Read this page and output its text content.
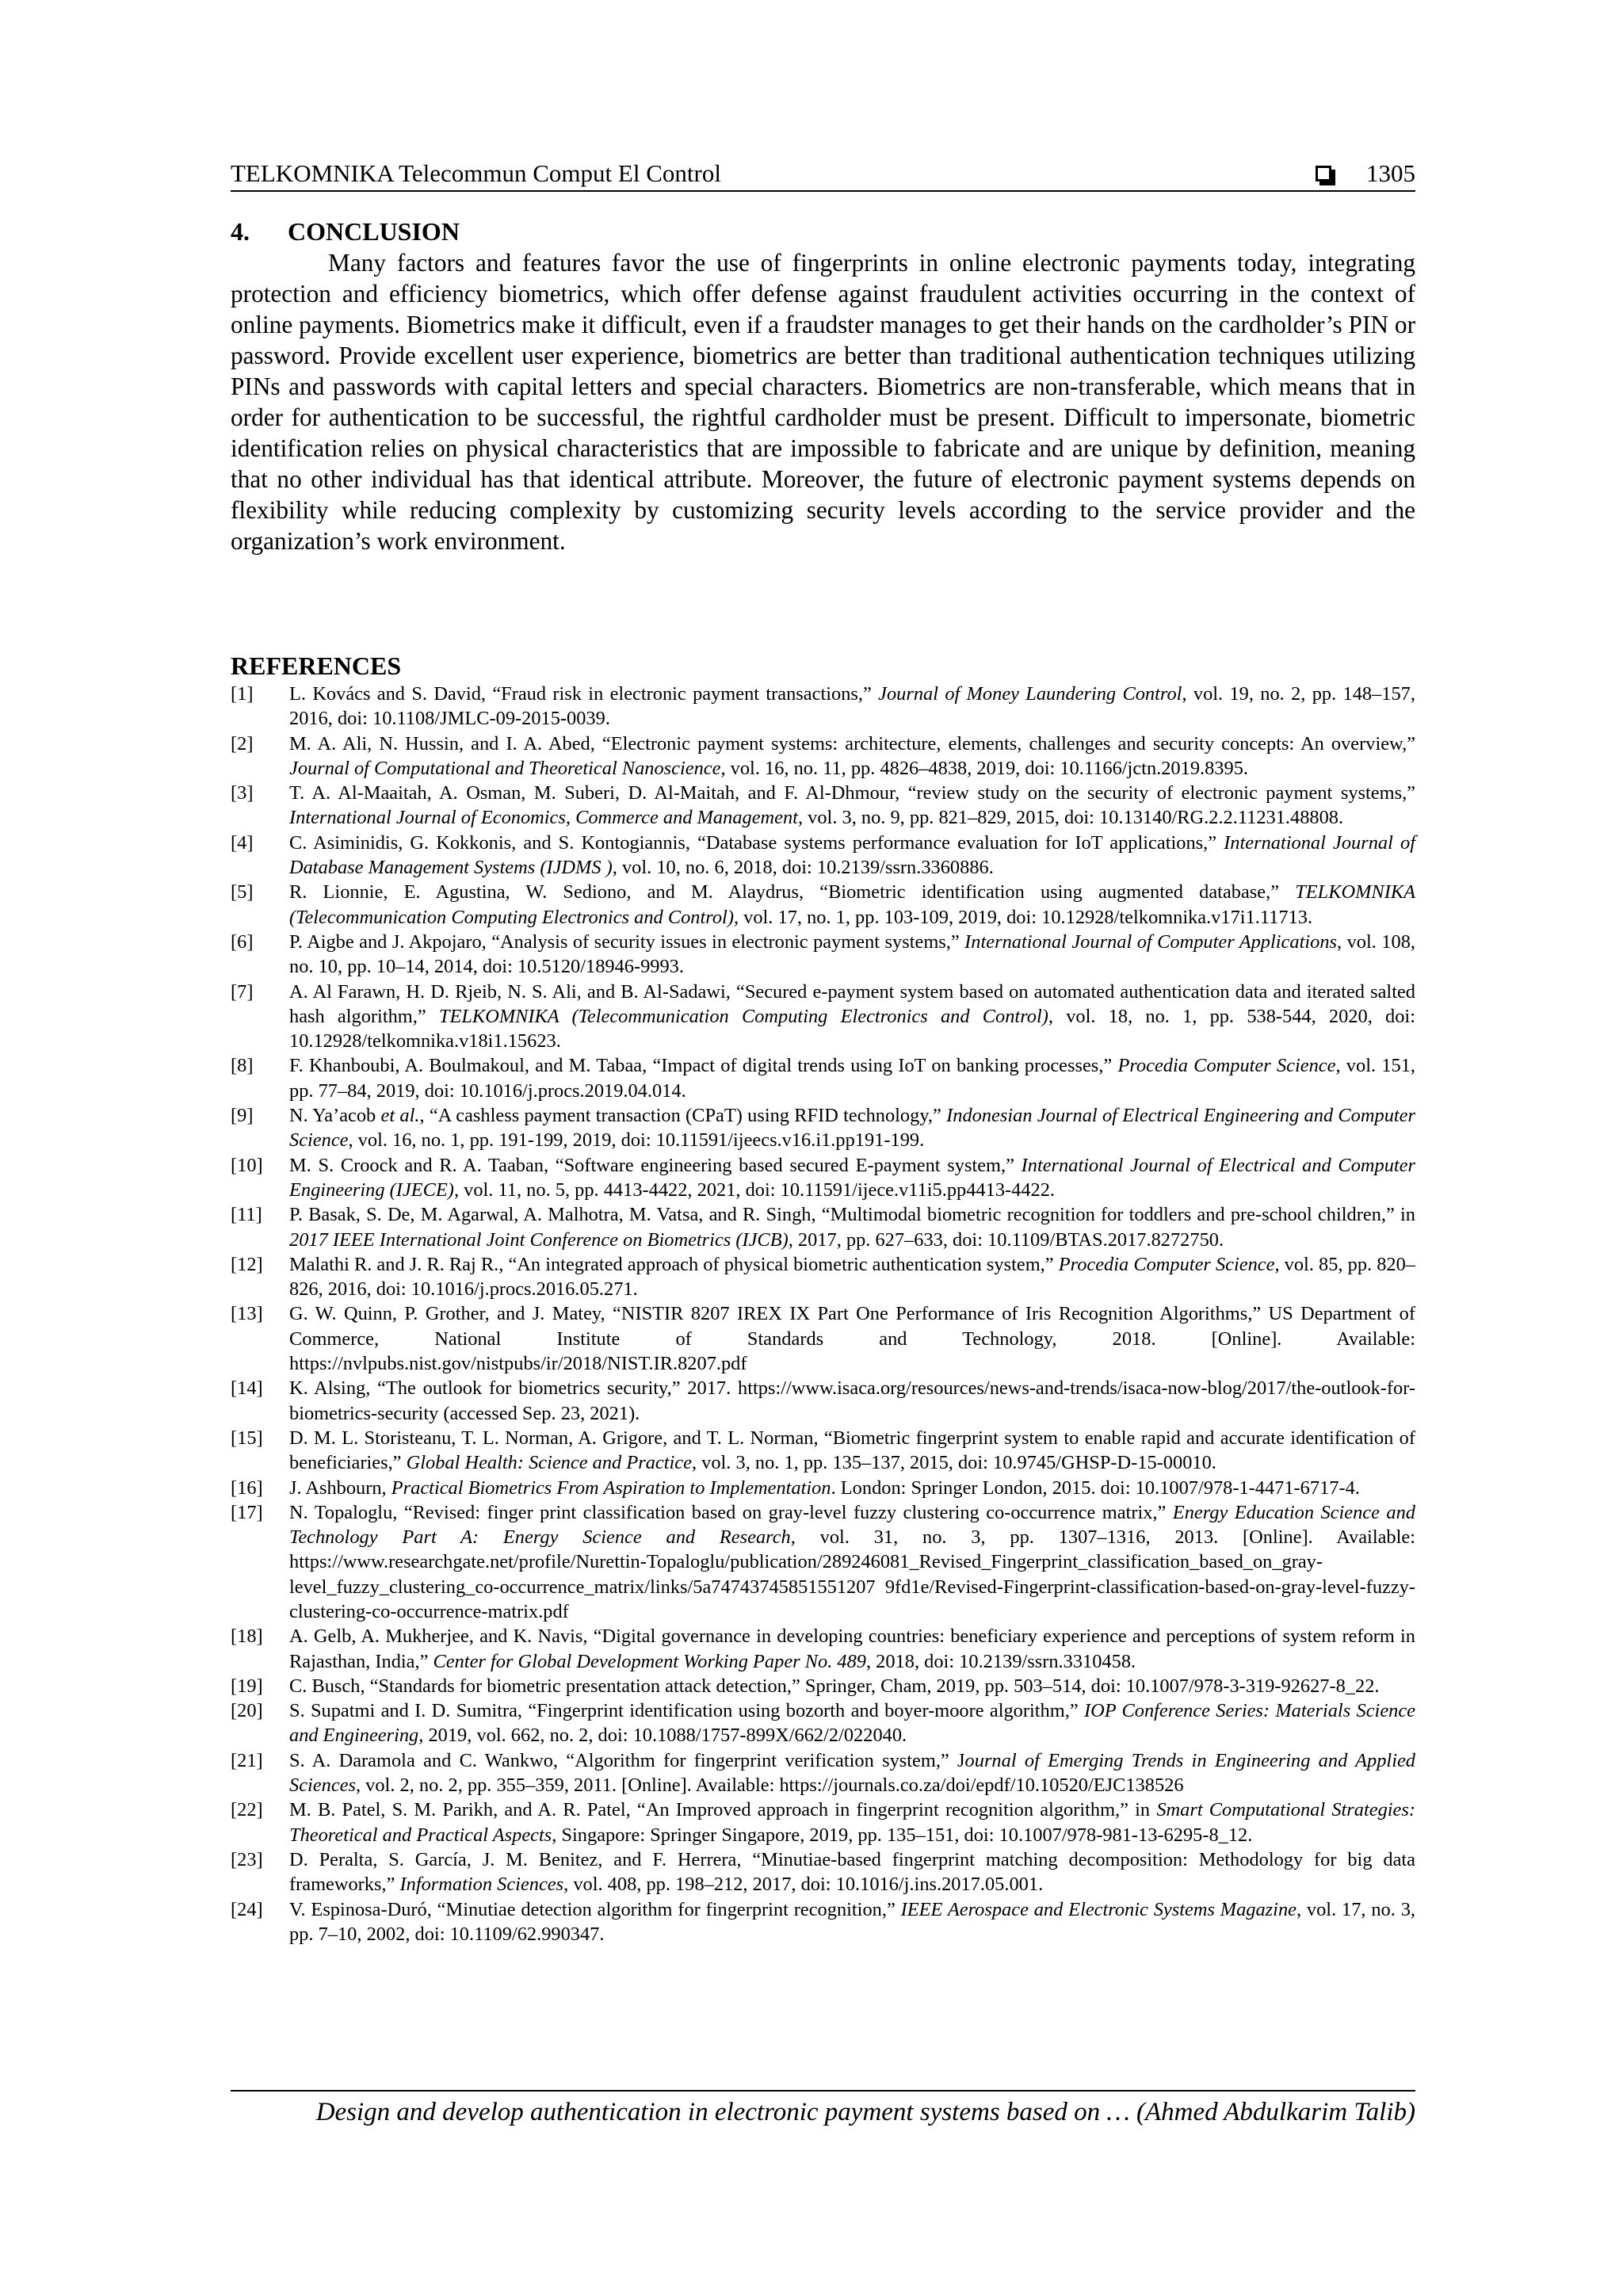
TELKOMNIKA Telecommun Comput El Control	1305
4. CONCLUSION

Many factors and features favor the use of fingerprints in online electronic payments today, integrating protection and efficiency biometrics, which offer defense against fraudulent activities occurring in the context of online payments. Biometrics make it difficult, even if a fraudster manages to get their hands on the cardholder’s PIN or password. Provide excellent user experience, biometrics are better than traditional authentication techniques utilizing PINs and passwords with capital letters and special characters. Biometrics are non-transferable, which means that in order for authentication to be successful, the rightful cardholder must be present. Difficult to impersonate, biometric identification relies on physical characteristics that are impossible to fabricate and are unique by definition, meaning that no other individual has that identical attribute. Moreover, the future of electronic payment systems depends on flexibility while reducing complexity by customizing security levels according to the service provider and the organization’s work environment.

REFERENCES
[1]	L. Kovács and S. David, “Fraud risk in electronic payment transactions,” Journal of Money Laundering Control, vol. 19, no. 2, pp. 148–157, 2016, doi: 10.1108/JMLC-09-2015-0039.
[2]	M. A. Ali, N. Hussin, and I. A. Abed, “Electronic payment systems: architecture, elements, challenges and security concepts: An overview,” Journal of Computational and Theoretical Nanoscience, vol. 16, no. 11, pp. 4826–4838, 2019, doi: 10.1166/jctn.2019.8395.
[3]	T. A. Al-Maaitah, A. Osman, M. Suberi, D. Al-Maitah, and F. Al-Dhmour, “review study on the security of electronic payment systems,” International Journal of Economics, Commerce and Management, vol. 3, no. 9, pp. 821–829, 2015, doi: 10.13140/RG.2.2.11231.48808.
[4]	C. Asiminidis, G. Kokkonis, and S. Kontogiannis, “Database systems performance evaluation for IoT applications,” International Journal of Database Management Systems (IJDMS ), vol. 10, no. 6, 2018, doi: 10.2139/ssrn.3360886.
[5]	R. Lionnie, E. Agustina, W. Sediono, and M. Alaydrus, “Biometric identification using augmented database,” TELKOMNIKA (Telecommunication Computing Electronics and Control), vol. 17, no. 1, pp. 103-109, 2019, doi: 10.12928/telkomnika.v17i1.11713.
[6]	P. Aigbe and J. Akpojaro, “Analysis of security issues in electronic payment systems,” International Journal of Computer Applications, vol. 108, no. 10, pp. 10–14, 2014, doi: 10.5120/18946-9993.
[7]	A. Al Farawn, H. D. Rjeib, N. S. Ali, and B. Al-Sadawi, “Secured e-payment system based on automated authentication data and iterated salted hash algorithm,” TELKOMNIKA (Telecommunication Computing Electronics and Control), vol. 18, no. 1, pp. 538-544, 2020, doi: 10.12928/telkomnika.v18i1.15623.
[8]	F. Khanboubi, A. Boulmakoul, and M. Tabaa, “Impact of digital trends using IoT on banking processes,” Procedia Computer Science, vol. 151, pp. 77–84, 2019, doi: 10.1016/j.procs.2019.04.014.
[9]	N. Ya’acob et al., “A cashless payment transaction (CPaT) using RFID technology,” Indonesian Journal of Electrical Engineering and Computer Science, vol. 16, no. 1, pp. 191-199, 2019, doi: 10.11591/ijeecs.v16.i1.pp191-199.
[10]	M. S. Croock and R. A. Taaban, “Software engineering based secured E-payment system,” International Journal of Electrical and Computer Engineering (IJECE), vol. 11, no. 5, pp. 4413-4422, 2021, doi: 10.11591/ijece.v11i5.pp4413-4422.
[11]	P. Basak, S. De, M. Agarwal, A. Malhotra, M. Vatsa, and R. Singh, “Multimodal biometric recognition for toddlers and pre-school children,” in 2017 IEEE International Joint Conference on Biometrics (IJCB), 2017, pp. 627–633, doi: 10.1109/BTAS.2017.8272750.
[12]	Malathi R. and J. R. Raj R., “An integrated approach of physical biometric authentication system,” Procedia Computer Science, vol. 85, pp. 820–826, 2016, doi: 10.1016/j.procs.2016.05.271.
[13]	G. W. Quinn, P. Grother, and J. Matey, “NISTIR 8207 IREX IX Part One Performance of Iris Recognition Algorithms,” US Department of Commerce, National Institute of Standards and Technology, 2018. [Online]. Available: https://nvlpubs.nist.gov/nistpubs/ir/2018/NIST.IR.8207.pdf
[14]	K. Alsing, “The outlook for biometrics security,” 2017. https://www.isaca.org/resources/news-and-trends/isaca-now-blog/2017/the-outlook-for-biometrics-security (accessed Sep. 23, 2021).
[15]	D. M. L. Storisteanu, T. L. Norman, A. Grigore, and T. L. Norman, “Biometric fingerprint system to enable rapid and accurate identification of beneficiaries,” Global Health: Science and Practice, vol. 3, no. 1, pp. 135–137, 2015, doi: 10.9745/GHSP-D-15-00010.
[16]	J. Ashbourn, Practical Biometrics From Aspiration to Implementation. London: Springer London, 2015. doi: 10.1007/978-1-4471-6717-4.
[17]	N. Topaloglu, “Revised: finger print classification based on gray-level fuzzy clustering co-occurrence matrix,” Energy Education Science and Technology Part A: Energy Science and Research, vol. 31, no. 3, pp. 1307–1316, 2013. [Online]. Available: https://www.researchgate.net/profile/Nurettin-Topaloglu/publication/289246081_Revised_Fingerprint_classification_based_on_gray-level_fuzzy_clustering_co-occurrence_matrix/links/5a74743745851551207 9fd1e/Revised-Fingerprint-classification-based-on-gray-level-fuzzy-clustering-co-occurrence-matrix.pdf
[18]	A. Gelb, A. Mukherjee, and K. Navis, “Digital governance in developing countries: beneficiary experience and perceptions of system reform in Rajasthan, India,” Center for Global Development Working Paper No. 489, 2018, doi: 10.2139/ssrn.3310458.
[19]	C. Busch, “Standards for biometric presentation attack detection,” Springer, Cham, 2019, pp. 503–514, doi: 10.1007/978-3-319-92627-8_22.
[20]	S. Supatmi and I. D. Sumitra, “Fingerprint identification using bozorth and boyer-moore algorithm,” IOP Conference Series: Materials Science and Engineering, 2019, vol. 662, no. 2, doi: 10.1088/1757-899X/662/2/022040.
[21]	S. A. Daramola and C. Wankwo, “Algorithm for fingerprint verification system,” Journal of Emerging Trends in Engineering and Applied Sciences, vol. 2, no. 2, pp. 355–359, 2011. [Online]. Available: https://journals.co.za/doi/epdf/10.10520/EJC138526
[22]	M. B. Patel, S. M. Parikh, and A. R. Patel, “An Improved approach in fingerprint recognition algorithm,” in Smart Computational Strategies: Theoretical and Practical Aspects, Singapore: Springer Singapore, 2019, pp. 135–151, doi: 10.1007/978-981-13-6295-8_12.
[23]	D. Peralta, S. García, J. M. Benitez, and F. Herrera, “Minutiae-based fingerprint matching decomposition: Methodology for big data frameworks,” Information Sciences, vol. 408, pp. 198–212, 2017, doi: 10.1016/j.ins.2017.05.001.
[24]	V. Espinosa-Duró, “Minutiae detection algorithm for fingerprint recognition,” IEEE Aerospace and Electronic Systems Magazine, vol. 17, no. 3, pp. 7–10, 2002, doi: 10.1109/62.990347.
Design and develop authentication in electronic payment systems based on … (Ahmed Abdulkarim Talib)
